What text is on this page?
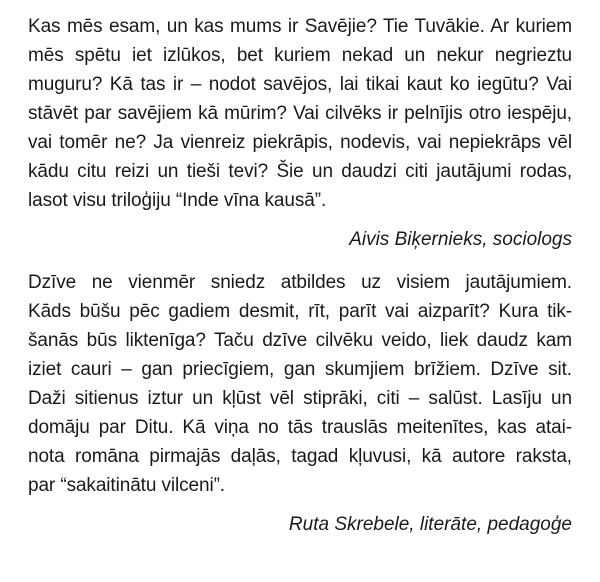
Kas mēs esam, un kas mums ir Savējie? Tie Tuvākie. Ar kuriem
mēs spētu iet izlūkos, bet kuriem nekad un nekur negrieztu
muguru? Kā tas ir – nodot savējos, lai tikai kaut ko iegūtu? Vai
stāvēt par savējiem kā mūrim? Vai cilvēks ir pelnījis otro iespēju,
vai tomēr ne? Ja vienreiz piekrāpis, nodevis, vai nepiekrāps vēl
kādu citu reizi un tieši tevi? Šie un daudzi citi jautājumi rodas,
lasot visu triloģiju “Inde vīna kausā”.
Aivis Biķernieks, sociologs
Dzīve ne vienmēr sniedz atbildes uz visiem jautājumiem.
Kāds būšu pēc gadiem desmit, rīt, parīt vai aizparīt? Kura tik-
šanās būs liktenīga? Taču dzīve cilvēku veido, liek daudz kam
iziet cauri – gan priecīgiem, gan skumjiem brīžiem. Dzīve sit.
Daži sitienus iztur un kļūst vēl stiprāki, citi – salūst. Lasīju un
domāju par Ditu. Kā viņa no tās trauslās meitenītes, kas atai-
nota romāna pirmajās daļās, tagad kļuvusi, kā autore raksta,
par “sakaitinātu vilceni”.
Ruta Skrebele, literāte, pedagoģe
